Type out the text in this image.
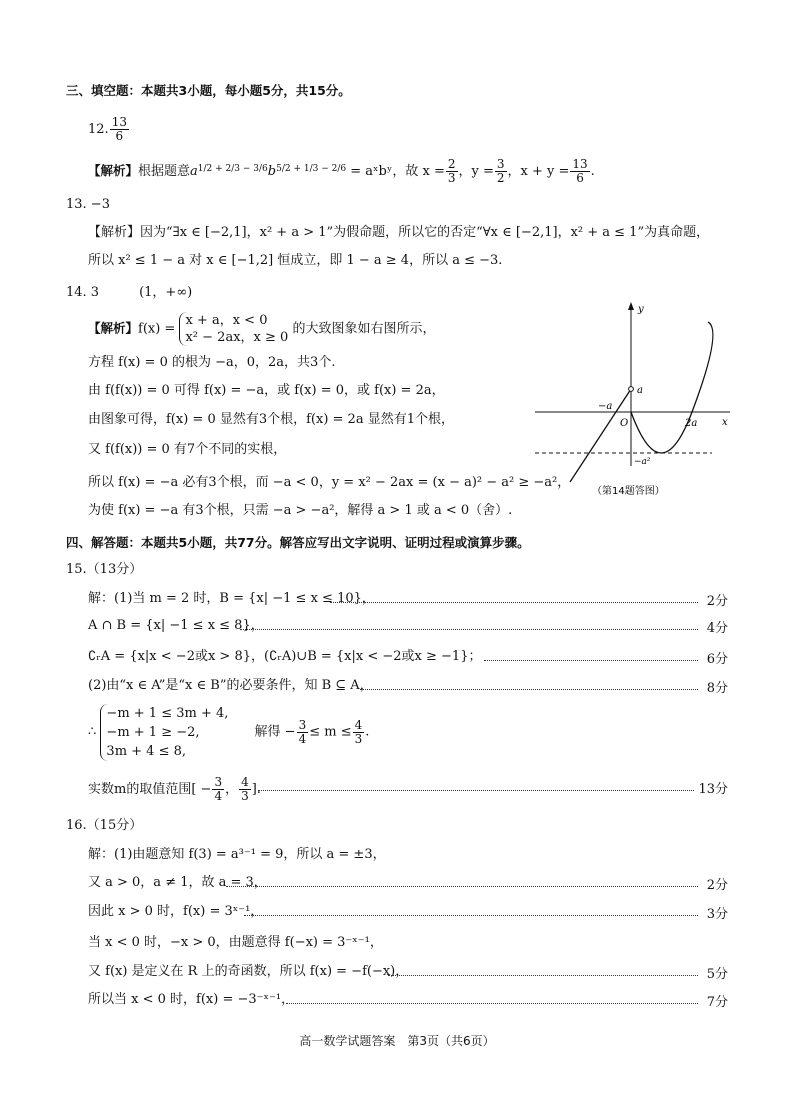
三、填空题：本题共3小题，每小题5分，共15分。
12. $\frac{13}{6}$
【解析】根据题意$a^{1/2 + 2/3 - 3/6}b^{5/2 + 1/3 - 2/6}$ = aˣbʸ，故 $x = \frac{2}{3}$ ，$y = \frac{3}{2}$ ，$x + y = \frac{13}{6}$ .
13. −3
【解析】因为“∃x ∈ [−2,1]，x² + a > 1”为假命题，所以它的否定“∀x ∈ [−2,1]，x² + a ≤ 1”为真命题，
所以 x² ≤ 1 − a 对 x ∈ [−1,2] 恒成立，即 1 − a ≥ 4，所以 a ≤ −3.
14. 3	(1，+∞)
【解析】f(x) =
x + a，x < 0
x² − 2ax，x ≥ 0
的大致图象如右图所示，
方程 f(x) = 0 的根为 −a，0，2a，共3个.
由 f(f(x)) = 0 可得 f(x) = −a，或 f(x) = 0，或 f(x) = 2a，
由图象可得，f(x) = 0 显然有3个根，f(x) = 2a 显然有1个根，
又 f(f(x)) = 0 有7个不同的实根，
所以 f(x) = −a 必有3个根，而 −a < 0，y = x² − 2ax = (x − a)² − a² ≥ −a²，
为使 f(x) = −a 有3个根，只需 −a > −a²，解得 a > 1 或 a < 0（舍）.
y
x
O
a
−a
2a
−a²
（第14题答图）
四、解答题：本题共5小题，共77分。解答应写出文字说明、证明过程或演算步骤。
15.（13分）
解：(1)当 m = 2 时，B = {x| −1 ≤ x ≤ 10}，	2分
A ∩ B = {x| −1 ≤ x ≤ 8}，	4分
∁ᵣA = {x|x < −2或x > 8}，(∁ᵣA)∪B = {x|x < −2或x ≥ −1}；	6分
(2)由“x ∈ A”是“x ∈ B”的必要条件，知 B ⊆ A，	8分
∴
−m + 1 ≤ 3m + 4,
−m + 1 ≥ −2,
3m + 4 ≤ 8,
解得 − $\frac{3}{4} \le m \le \frac{4}{3}$ .
实数m的取值范围[ − $\frac{3}{4}$ ， $\frac{4}{3}$ ].	13分
16.（15分）
解：(1)由题意知 f(3) = a³⁻¹ = 9，所以 a = ±3，
又 a > 0，a ≠ 1，故 a = 3，	2分
因此 x > 0 时，f(x) = 3ˣ⁻¹，	3分
当 x < 0 时，−x > 0，由题意得 f(−x) = 3⁻ˣ⁻¹，
又 f(x) 是定义在 R 上的奇函数，所以 f(x) = −f(−x)，	5分
所以当 x < 0 时，f(x) = −3⁻ˣ⁻¹，	7分
高一数学试题答案　第3页（共6页）
